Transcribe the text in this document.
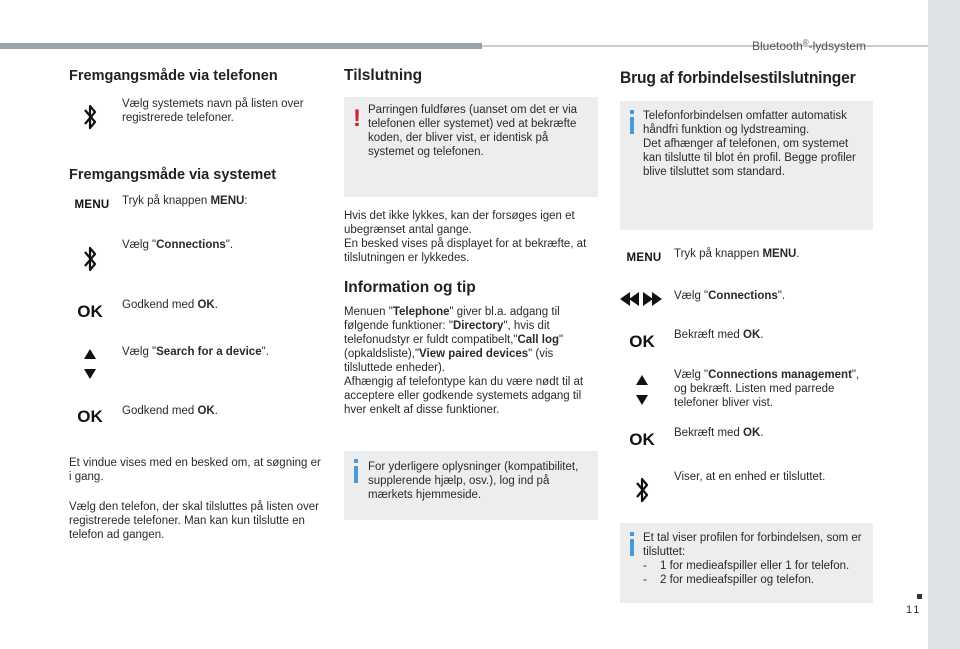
Bluetooth®-lydsystem
11
Fremgangsmåde via telefonen
Vælg systemets navn på listen over registrerede telefoner.
Fremgangsmåde via systemet
MENU	Tryk på knappen MENU:
Vælg "Connections".
OK	Godkend med OK.
Vælg "Search for a device".
OK	Godkend med OK.
Et vindue vises med en besked om, at søgning er i gang.
Vælg den telefon, der skal tilsluttes på listen over registrerede telefoner. Man kan kun tilslutte en telefon ad gangen.
Tilslutning
! Parringen fuldføres (uanset om det er via telefonen eller systemet) ved at bekræfte koden, der bliver vist, er identisk på systemet og telefonen.
Hvis det ikke lykkes, kan der forsøges igen et ubegrænset antal gange.
En besked vises på displayet for at bekræfte, at tilslutningen er lykkedes.
Information og tip
Menuen "Telephone" giver bl.a. adgang til følgende funktioner: "Directory", hvis dit telefonudstyr er fuldt compatibelt,"Call log" (opkaldsliste),"View paired devices" (vis tilsluttede enheder).
Afhængig af telefontype kan du være nødt til at acceptere eller godkende systemets adgang til hver enkelt af disse funktioner.
For yderligere oplysninger (kompatibilitet, supplerende hjælp, osv.), log ind på mærkets hjemmeside.
Brug af forbindelsestilslutninger
Telefonforbindelsen omfatter automatisk håndfri funktion og lydstreaming.
Det afhænger af telefonen, om systemet kan tilslutte til blot én profil. Begge profiler blive tilsluttet som standard.
MENU	Tryk på knappen MENU.
Vælg "Connections".
OK	Bekræft med OK.
Vælg "Connections management", og bekræft. Listen med parrede telefoner bliver vist.
OK	Bekræft med OK.
Viser, at en enhed er tilsluttet.
Et tal viser profilen for forbindelsen, som er tilsluttet:
-	1 for medieafspiller eller 1 for telefon.
-	2 for medieafspiller og telefon.
